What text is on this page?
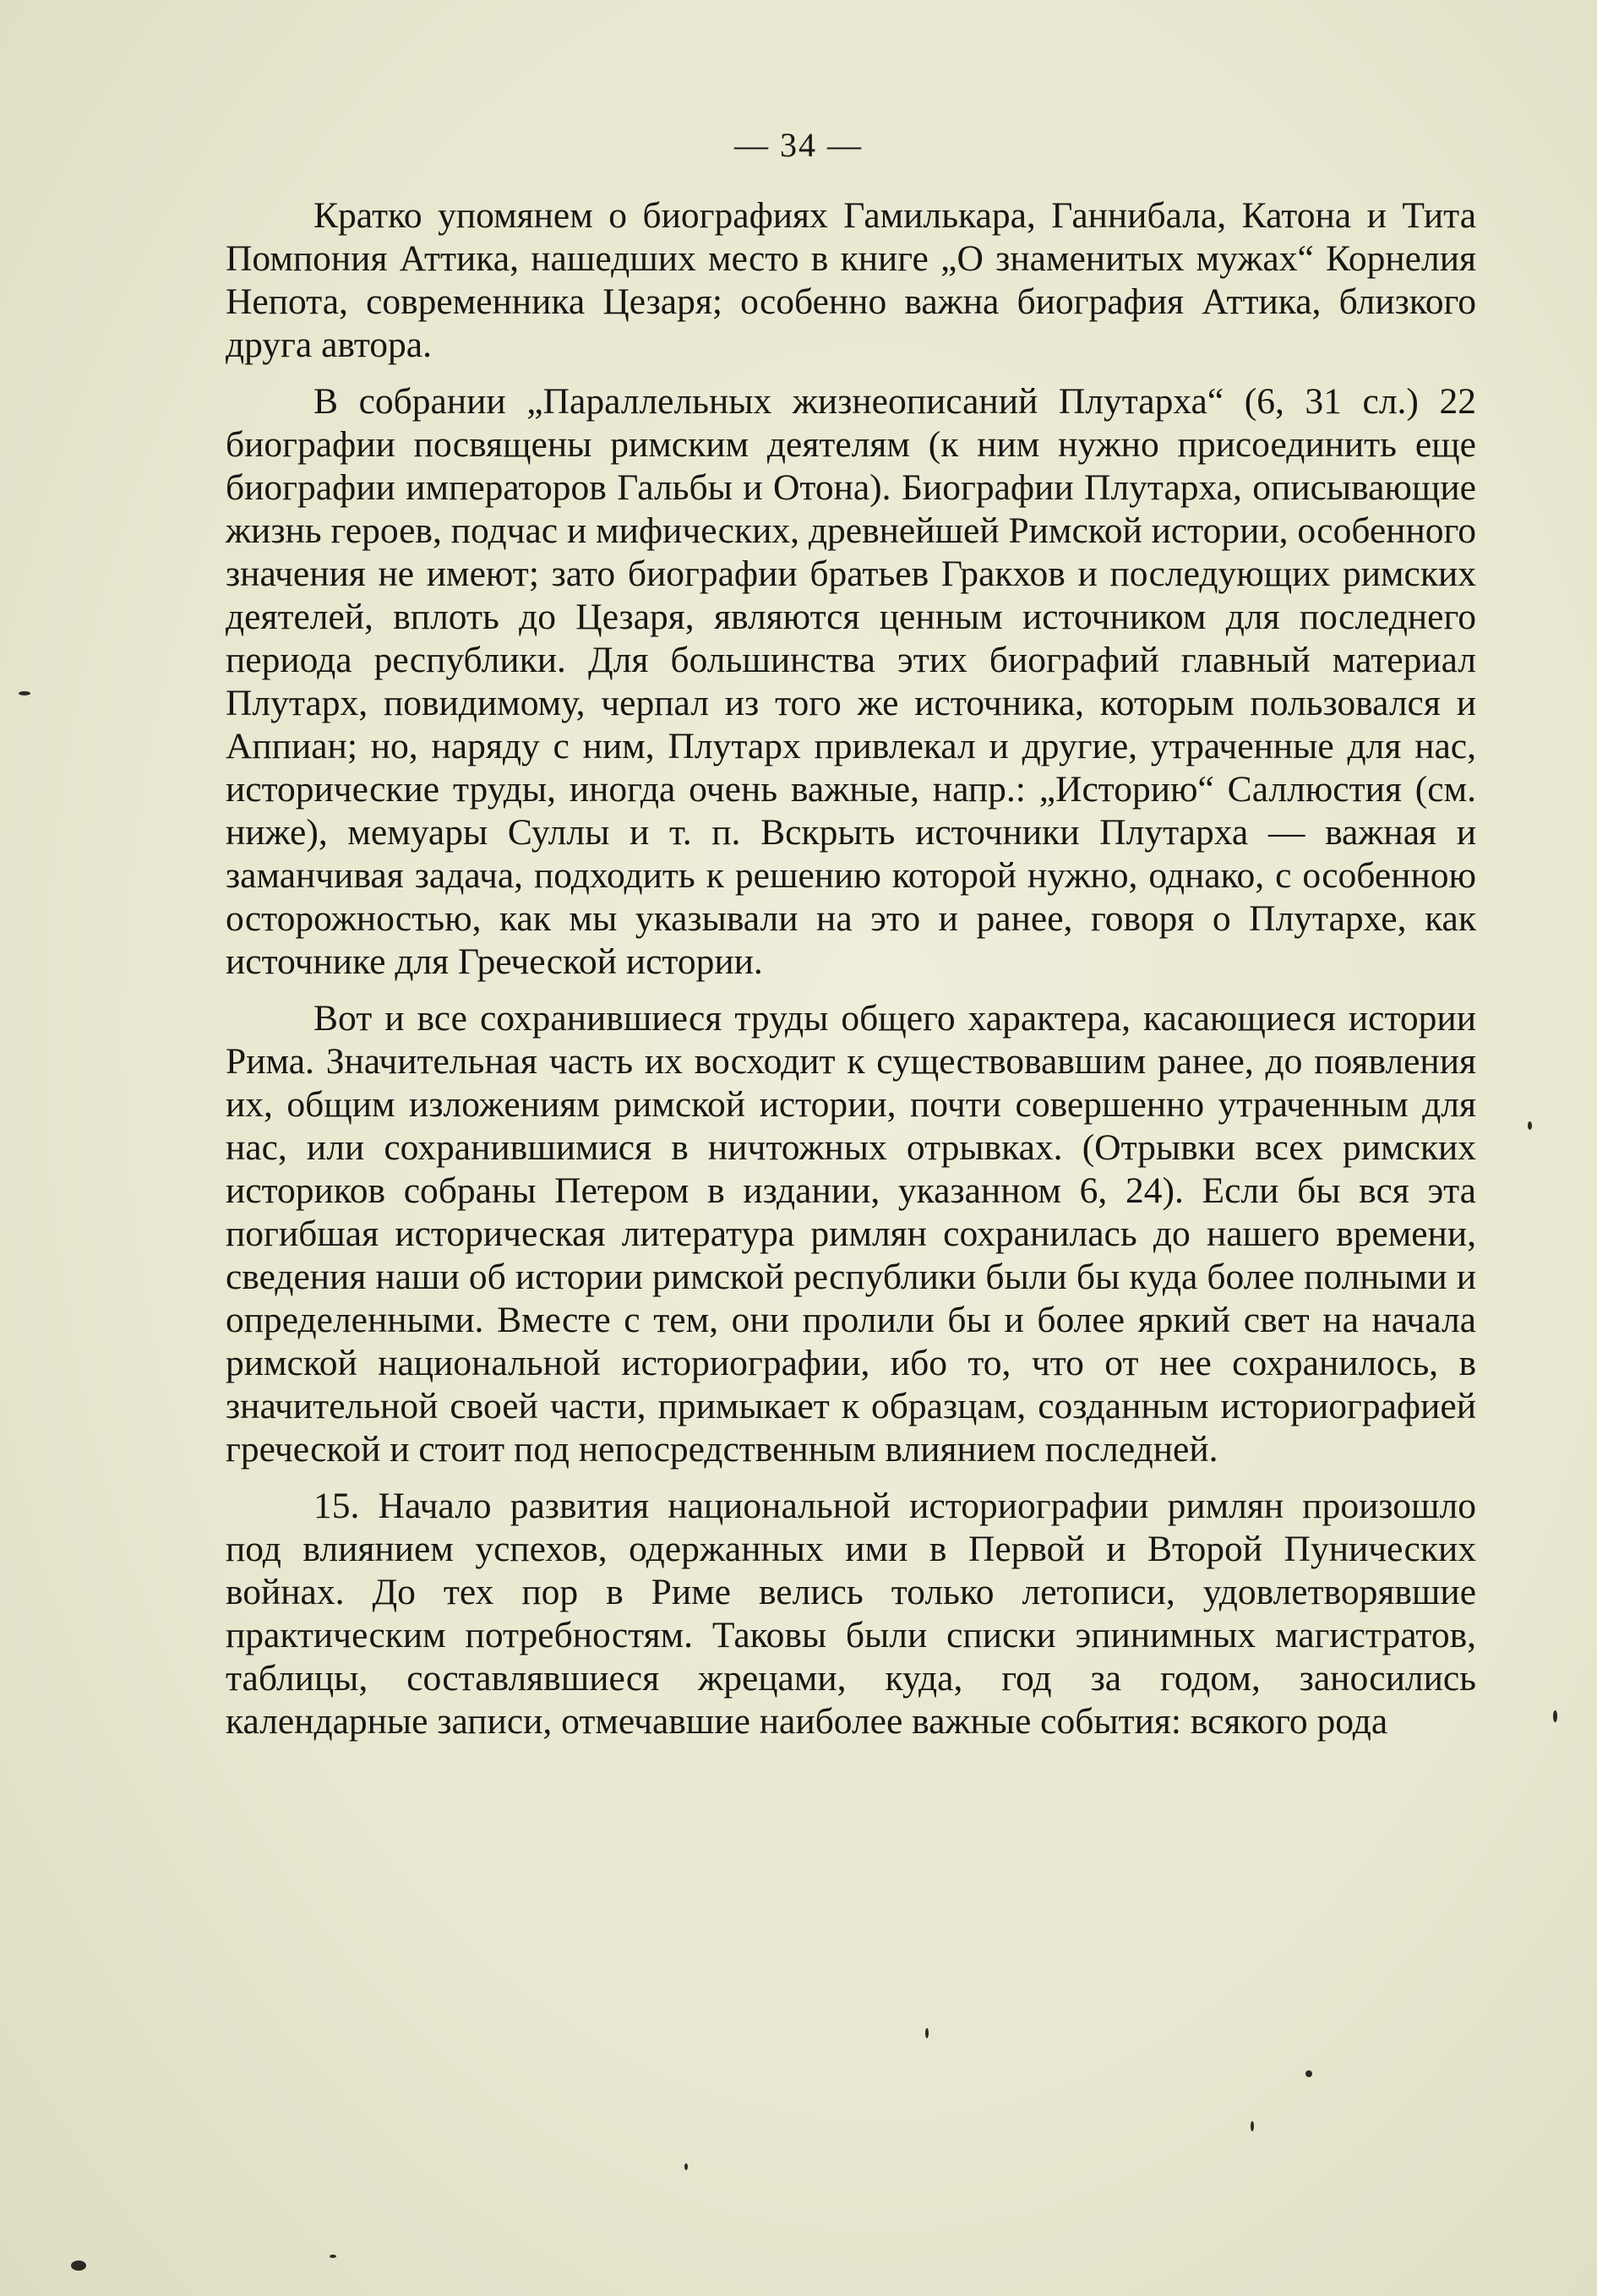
— 34 —

Кратко упомянем о биографиях Гамилькара, Ганнибала, Катона и Тита Помпония Аттика, нашедших место в книге „О знаменитых мужах“ Корнелия Непота, современника Цезаря; особенно важна биография Аттика, близкого друга автора.

В собрании „Параллельных жизнеописаний Плутарха“ (6, 31 сл.) 22 биографии посвящены римским деятелям (к ним нужно присоединить еще биографии императоров Гальбы и Отона). Биографии Плутарха, описывающие жизнь героев, подчас и мифических, древнейшей Римской истории, особенного значения не имеют; зато биографии братьев Гракхов и последующих римских деятелей, вплоть до Цезаря, являются ценным источником для последнего периода республики. Для большинства этих биографий главный материал Плутарх, повидимому, черпал из того же источника, которым пользовался и Аппиан; но, наряду с ним, Плутарх привлекал и другие, утраченные для нас, исторические труды, иногда очень важные, напр.: „Историю“ Саллюстия (см. ниже), мемуары Суллы и т. п. Вскрыть источники Плутарха — важная и заманчивая задача, подходить к решению которой нужно, однако, с особенною осторожностью, как мы указывали на это и ранее, говоря о Плутархе, как источнике для Греческой истории.

Вот и все сохранившиеся труды общего характера, касающиеся истории Рима. Значительная часть их восходит к существовавшим ранее, до появления их, общим изложениям римской истории, почти совершенно утраченным для нас, или сохранившимися в ничтожных отрывках. (Отрывки всех римских историков собраны Петером в издании, указанном 6, 24). Если бы вся эта погибшая историческая литература римлян сохранилась до нашего времени, сведения наши об истории римской республики были бы куда более полными и определенными. Вместе с тем, они пролили бы и более яркий свет на начала римской национальной историографии, ибо то, что от нее сохранилось, в значительной своей части, примыкает к образцам, созданным историографией греческой и стоит под непосредственным влиянием последней.

15. Начало развития национальной историографии римлян произошло под влиянием успехов, одержанных ими в Первой и Второй Пунических войнах. До тех пор в Риме велись только летописи, удовлетворявшие практическим потребностям. Таковы были списки эпинимных магистратов, таблицы, составлявшиеся жрецами, куда, год за годом, заносились календарные записи, отмечавшие наиболее важные события: всякого рода
